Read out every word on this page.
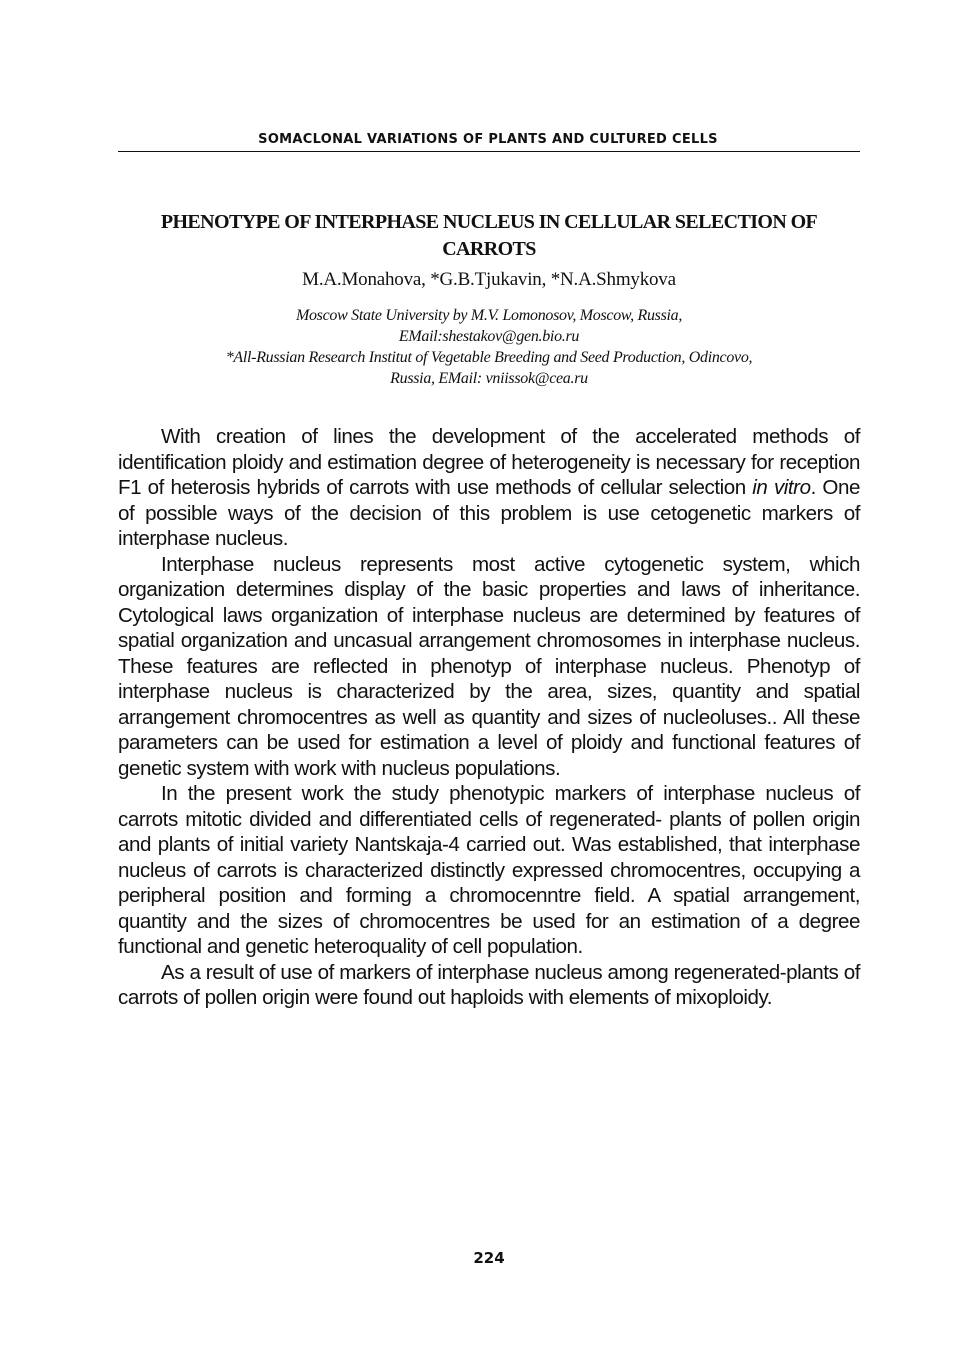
SOMACLONAL VARIATIONS OF PLANTS AND CULTURED CELLS
PHENOTYPE OF INTERPHASE NUCLEUS IN CELLULAR SELECTION OF
CARROTS
M.A.Monahova, *G.B.Tjukavin, *N.A.Shmykova
Moscow State University by M.V. Lomonosov, Moscow, Russia,
EMail:shestakov@gen.bio.ru
*All-Russian Research Institut of Vegetable Breeding and Seed Production, Odincovo,
Russia, EMail: vniissok@cea.ru

With creation of lines the development of the accelerated methods of identification ploidy and estimation degree of heterogeneity is necessary for reception F1 of heterosis hybrids of carrots with use methods of cellular selection in vitro. One of possible ways of the decision of this problem is use cetogenetic markers of interphase nucleus.

Interphase nucleus represents most active cytogenetic system, which organization determines display of the basic properties and laws of inheritance. Cytological laws organization of interphase nucleus are determined by features of spatial organization and uncasual arrangement chromosomes in interphase nucleus. These features are reflected in phenotyp of interphase nucleus. Phenotyp of interphase nucleus is characterized by the area, sizes, quantity and spatial arrangement chromocentres as well as quantity and sizes of nucleoluses.. All these parameters can be used for estimation a level of ploidy and functional features of genetic system with work with nucleus populations.

In the present work the study phenotypic markers of interphase nucleus of carrots mitotic divided and differentiated cells of regenerated- plants of pollen origin and plants of initial variety Nantskaja-4 carried out. Was established, that interphase nucleus of carrots is characterized distinctly expressed chromocentres, occupying a peripheral position and forming a chromocenntre field. A spatial arrangement, quantity and the sizes of chromocentres be used for an estimation of a degree functional and genetic heteroquality of cell population.

As a result of use of markers of interphase nucleus among regenerated-plants of carrots of pollen origin were found out haploids with elements of mixoploidy.

224
